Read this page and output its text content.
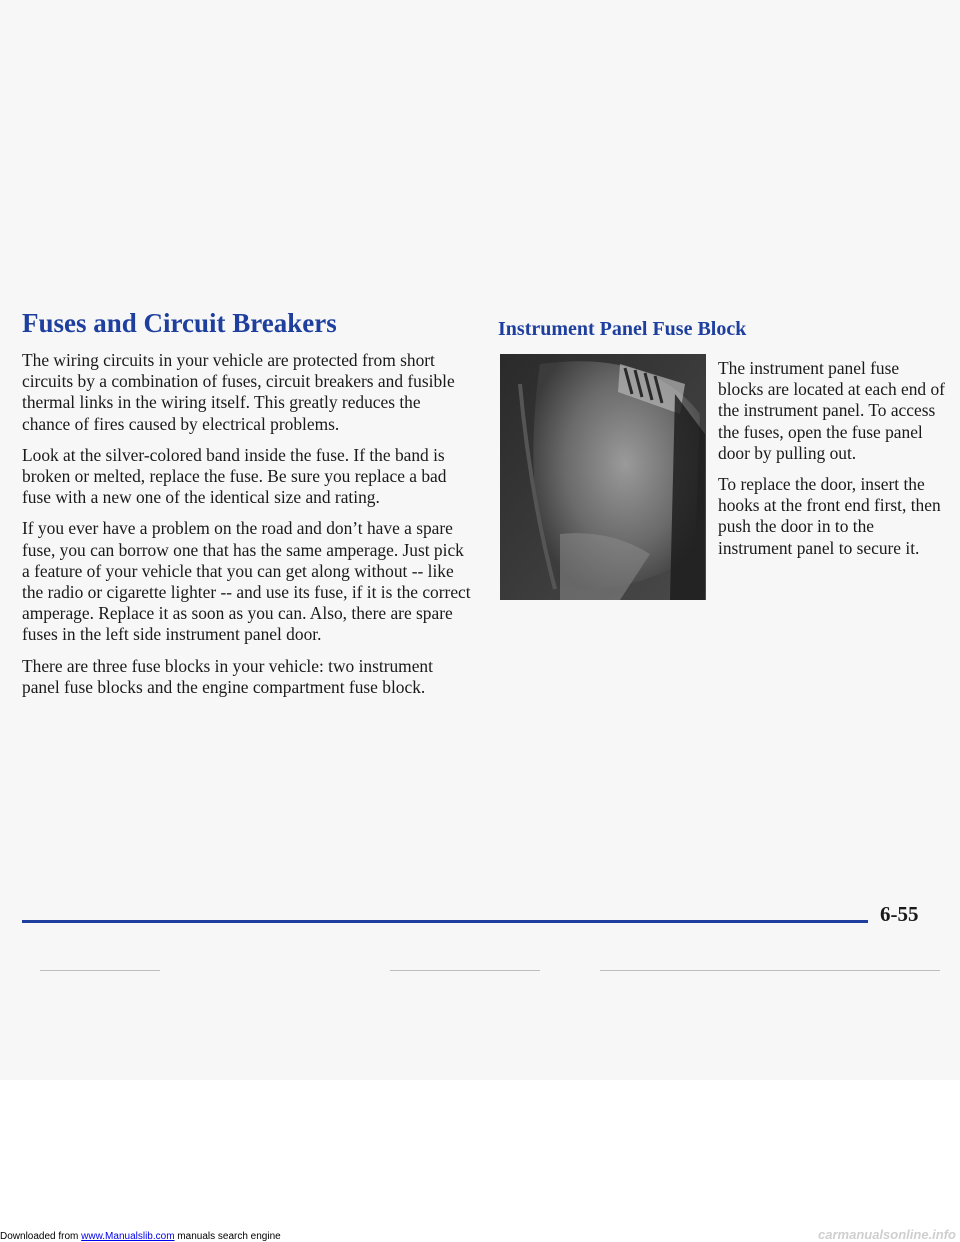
Fuses and Circuit Breakers

The wiring circuits in your vehicle are protected from short circuits by a combination of fuses, circuit breakers and fusible thermal links in the wiring itself. This greatly reduces the chance of fires caused by electrical problems.

Look at the silver-colored band inside the fuse. If the band is broken or melted, replace the fuse. Be sure you replace a bad fuse with a new one of the identical size and rating.

If you ever have a problem on the road and don’t have a spare fuse, you can borrow one that has the same amperage. Just pick a feature of your vehicle that you can get along without -- like the radio or cigarette lighter -- and use its fuse, if it is the correct amperage. Replace it as soon as you can. Also, there are spare fuses in the left side instrument panel door.

There are three fuse blocks in your vehicle: two instrument panel fuse blocks and the engine compartment fuse block.

Instrument Panel Fuse Block

The instrument panel fuse blocks are located at each end of the instrument panel. To access the fuses, open the fuse panel door by pulling out.

To replace the door, insert the hooks at the front end first, then push the door in to the instrument panel to secure it.

6-55
Downloaded from www.Manualslib.com manuals search engine	carmanualsonline.info
